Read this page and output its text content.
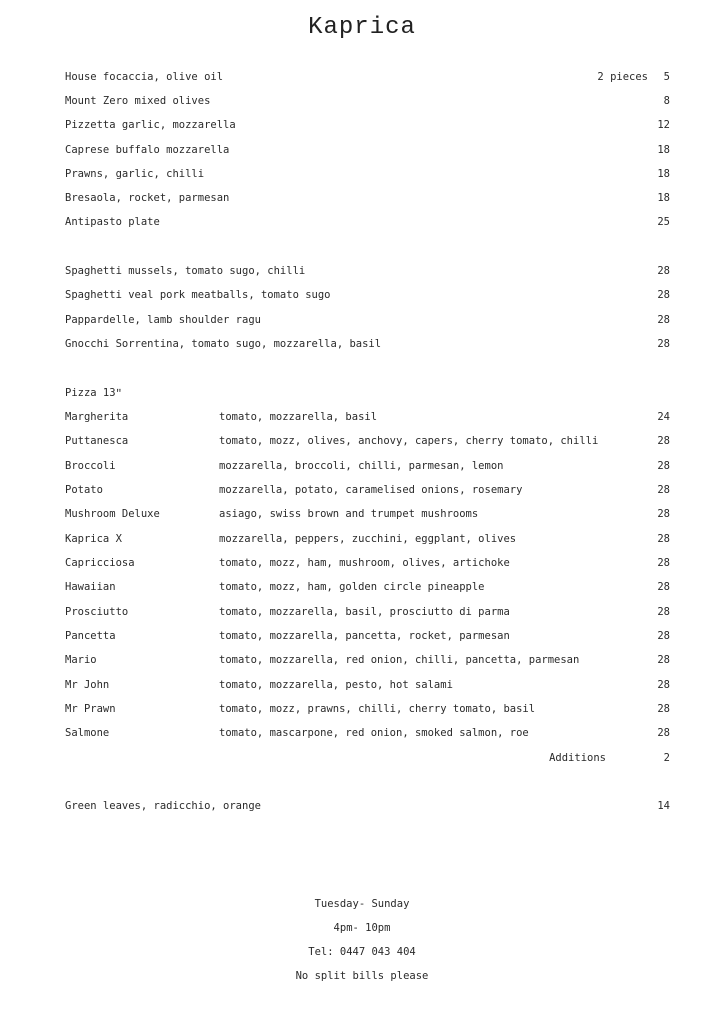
Kaprica
House focaccia, olive oil	2 pieces 5
Mount Zero mixed olives	8
Pizzetta garlic, mozzarella	12
Caprese buffalo mozzarella	18
Prawns, garlic, chilli	18
Bresaola, rocket, parmesan	18
Antipasto plate	25
Spaghetti mussels, tomato sugo, chilli	28
Spaghetti veal pork meatballs, tomato sugo	28
Pappardelle, lamb shoulder ragu	28
Gnocchi Sorrentina, tomato sugo, mozzarella, basil	28
Pizza 13ʺ
Margherita	tomato, mozzarella, basil	24
Puttanesca	tomato, mozz, olives, anchovy, capers, cherry tomato, chilli	28
Broccoli	mozzarella, broccoli, chilli, parmesan, lemon	28
Potato	mozzarella, potato, caramelised onions, rosemary	28
Mushroom Deluxe	asiago, swiss brown and trumpet mushrooms	28
Kaprica X	mozzarella, peppers, zucchini, eggplant, olives	28
Capricciosa	tomato, mozz, ham, mushroom, olives, artichoke	28
Hawaiian	tomato, mozz, ham, golden circle pineapple	28
Prosciutto	tomato, mozzarella, basil, prosciutto di parma	28
Pancetta	tomato, mozzarella, pancetta, rocket, parmesan	28
Mario	tomato, mozzarella, red onion, chilli, pancetta, parmesan	28
Mr John	tomato, mozzarella, pesto, hot salami	28
Mr Prawn	tomato, mozz, prawns, chilli, cherry tomato, basil	28
Salmone	tomato, mascarpone, red onion, smoked salmon, roe	28
Additions	2
Green leaves, radicchio, orange	14
Tuesday- Sunday
4pm- 10pm
Tel: 0447 043 404
No split bills please
